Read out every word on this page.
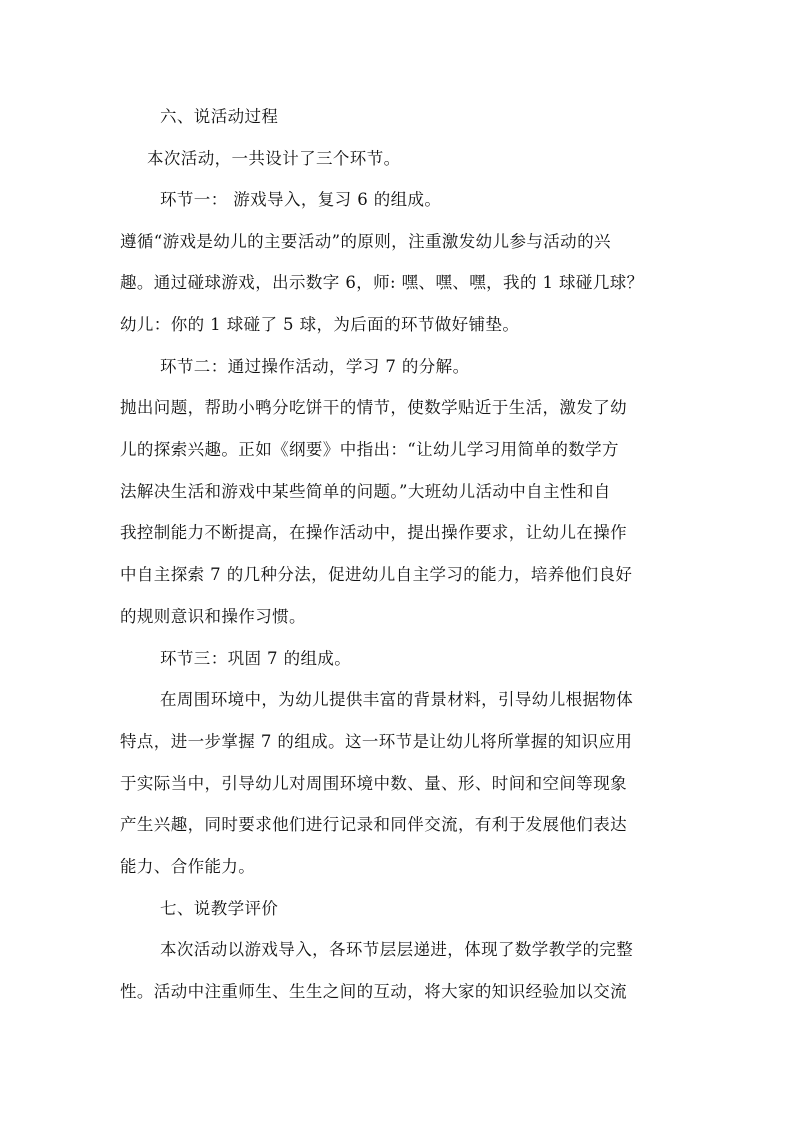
六、说活动过程
本次活动，一共设计了三个环节。
环节一： 游戏导入，复习 6 的组成。
遵循“游戏是幼儿的主要活动”的原则，注重激发幼儿参与活动的兴
趣。通过碰球游戏，出示数字 6，师: 嘿、嘿、嘿，我的 1 球碰几球？
幼儿：你的 1 球碰了 5 球，为后面的环节做好铺垫。
环节二：通过操作活动，学习 7 的分解。
抛出问题，帮助小鸭分吃饼干的情节，使数学贴近于生活，激发了幼
儿的探索兴趣。正如《纲要》中指出：“让幼儿学习用简单的数学方
法解决生活和游戏中某些简单的问题。”大班幼儿活动中自主性和自
我控制能力不断提高，在操作活动中，提出操作要求，让幼儿在操作
中自主探索 7 的几种分法，促进幼儿自主学习的能力，培养他们良好
的规则意识和操作习惯。
环节三：巩固 7 的组成。
在周围环境中，为幼儿提供丰富的背景材料，引导幼儿根据物体
特点，进一步掌握 7 的组成。这一环节是让幼儿将所掌握的知识应用
于实际当中，引导幼儿对周围环境中数、量、形、时间和空间等现象
产生兴趣，同时要求他们进行记录和同伴交流，有利于发展他们表达
能力、合作能力。
七、说教学评价
本次活动以游戏导入，各环节层层递进，体现了数学教学的完整
性。活动中注重师生、生生之间的互动，将大家的知识经验加以交流
